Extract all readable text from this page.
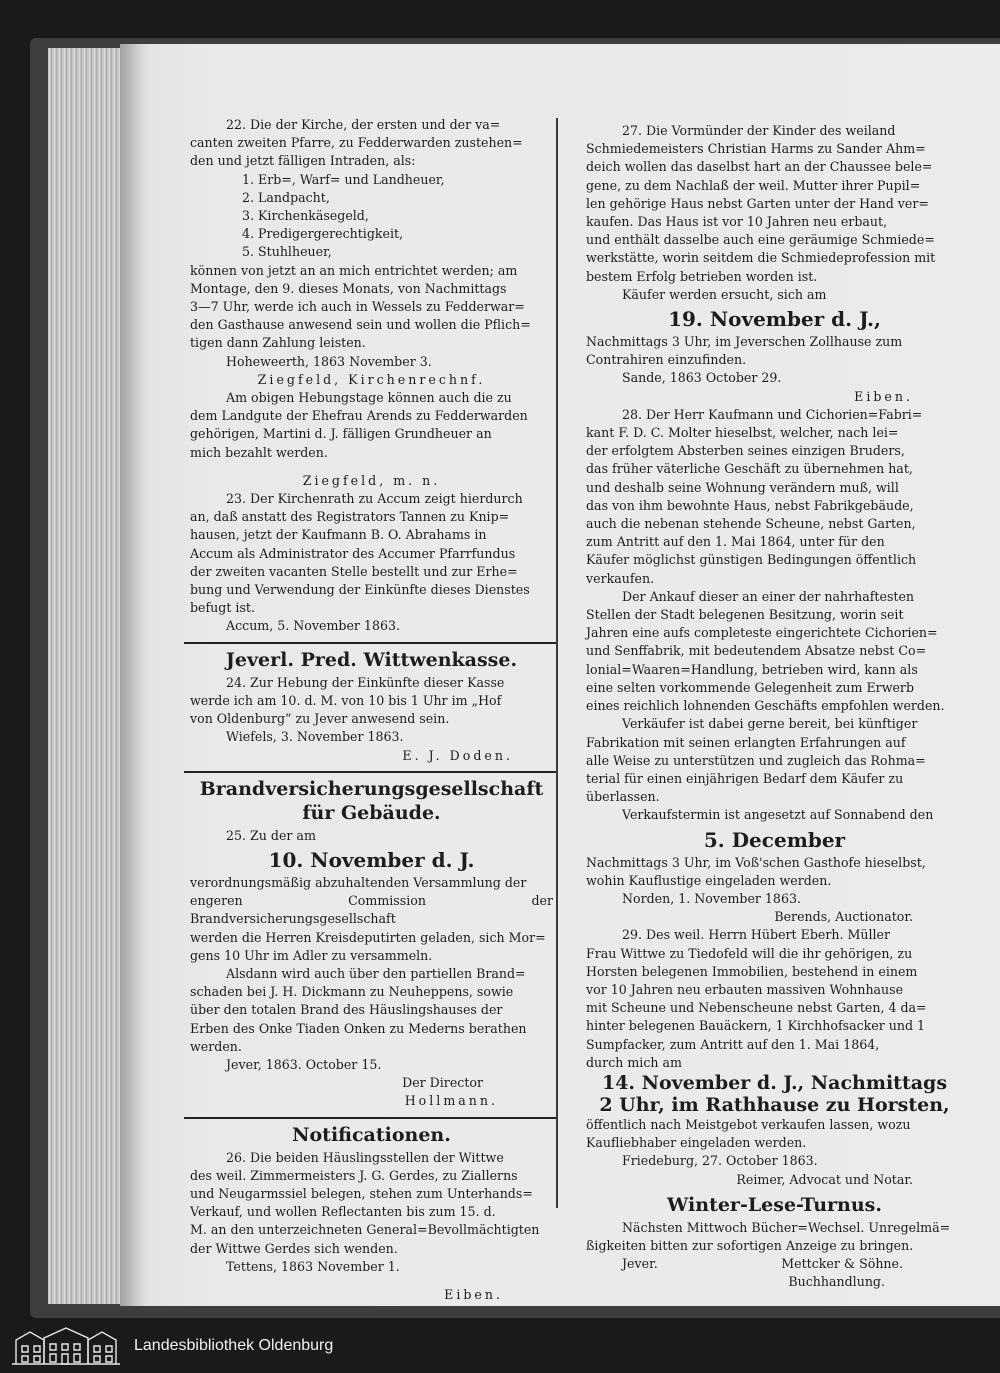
22. Die der Kirche, der ersten und der va=
canten zweiten Pfarre, zu Fedderwarden zustehen=
den und jetzt fälligen Intraden, als:
1. Erb=, Warf= und Landheuer,
2. Landpacht,
3. Kirchenkäsegeld,
4. Predigergerechtigkeit,
5. Stuhlheuer,
können von jetzt an an mich entrichtet werden; am
Montage, den 9. dieses Monats, von Nachmittags
3—7 Uhr, werde ich auch in Wessels zu Fedderwar=
den Gasthause anwesend sein und wollen die Pflich=
tigen dann Zahlung leisten.

Hoheweerth, 1863 November 3.

Ziegfeld, Kirchenrechnf.

Am obigen Hebungstage können auch die zu
dem Landgute der Ehefrau Arends zu Fedderwarden
gehörigen, Martini d. J. fälligen Grundheuer an
mich bezahlt werden.

Ziegfeld, m. n.

23. Der Kirchenrath zu Accum zeigt hierdurch
an, daß anstatt des Registrators Tannen zu Knip=
hausen, jetzt der Kaufmann B. O. Abrahams in
Accum als Administrator des Accumer Pfarrfundus
der zweiten vacanten Stelle bestellt und zur Erhe=
bung und Verwendung der Einkünfte dieses Dienstes
befugt ist.

Accum, 5. November 1863.

Jeverl. Pred. Wittwenkasse.
24. Zur Hebung der Einkünfte dieser Kasse
werde ich am 10. d. M. von 10 bis 1 Uhr im „Hof
von Oldenburg“ zu Jever anwesend sein.

Wiefels, 3. November 1863.

E. J. Doden.

Brandversicherungsgesellschaft für Gebäude.

25. Zu der am

10. November d. J.
verordnungsmäßig abzuhaltenden Versammlung der
engeren Commission der Brandversicherungsgesellschaft
werden die Herren Kreisdeputirten geladen, sich Mor=
gens 10 Uhr im Adler zu versammeln.
Alsdann wird auch über den partiellen Brand=
schaden bei J. H. Dickmann zu Neuheppens, sowie
über den totalen Brand des Häuslingshauses der
Erben des Onke Tiaden Onken zu Mederns berathen
werden.

Jever, 1863. October 15.

Der Director

Hollmann.

Notificationen.
26. Die beiden Häuslingsstellen der Wittwe
des weil. Zimmermeisters J. G. Gerdes, zu Ziallerns
und Neugarmssiel belegen, stehen zum Unterhands=
Verkauf, und wollen Reflectanten bis zum 15. d.
M. an den unterzeichneten General=Bevollmächtigten
der Wittwe Gerdes sich wenden.

Tettens, 1863 November 1.

Eiben.

27. Die Vormünder der Kinder des weiland
Schmiedemeisters Christian Harms zu Sander Ahm=
deich wollen das daselbst hart an der Chaussee bele=
gene, zu dem Nachlaß der weil. Mutter ihrer Pupil=
len gehörige Haus nebst Garten unter der Hand ver=
kaufen. Das Haus ist vor 10 Jahren neu erbaut,
und enthält dasselbe auch eine geräumige Schmiede=
werkstätte, worin seitdem die Schmiedeprofession mit
bestem Erfolg betrieben worden ist.

Käufer werden ersucht, sich am

19. November d. J.,
Nachmittags 3 Uhr, im Jeverschen Zollhause zum
Contrahiren einzufinden.

Sande, 1863 October 29.

Eiben.

28. Der Herr Kaufmann und Cichorien=Fabri=
kant F. D. C. Molter hieselbst, welcher, nach lei=
der erfolgtem Absterben seines einzigen Bruders,
das früher väterliche Geschäft zu übernehmen hat,
und deshalb seine Wohnung verändern muß, will
das von ihm bewohnte Haus, nebst Fabrikgebäude,
auch die nebenan stehende Scheune, nebst Garten,
zum Antritt auf den 1. Mai 1864, unter für den
Käufer möglichst günstigen Bedingungen öffentlich
verkaufen.
Der Ankauf dieser an einer der nahrhaftesten
Stellen der Stadt belegenen Besitzung, worin seit
Jahren eine aufs completeste eingerichtete Cichorien=
und Senffabrik, mit bedeutendem Absatze nebst Co=
lonial=Waaren=Handlung, betrieben wird, kann als
eine selten vorkommende Gelegenheit zum Erwerb
eines reichlich lohnenden Geschäfts empfohlen werden.
Verkäufer ist dabei gerne bereit, bei künftiger
Fabrikation mit seinen erlangten Erfahrungen auf
alle Weise zu unterstützen und zugleich das Rohma=
terial für einen einjährigen Bedarf dem Käufer zu
überlassen.

Verkaufstermin ist angesetzt auf Sonnabend den

5. December
Nachmittags 3 Uhr, im Voß'schen Gasthofe hieselbst,
wohin Kauflustige eingeladen werden.

Norden, 1. November 1863.

Berends, Auctionator.

29. Des weil. Herrn Hübert Eberh. Müller
Frau Wittwe zu Tiedofeld will die ihr gehörigen, zu
Horsten belegenen Immobilien, bestehend in einem
vor 10 Jahren neu erbauten massiven Wohnhause
mit Scheune und Nebenscheune nebst Garten, 4 da=
hinter belegenen Bauäckern, 1 Kirchhofsacker und 1
Sumpfacker, zum Antritt auf den 1. Mai 1864,
durch mich am
14. November d. J., Nachmittags
2 Uhr, im Rathhause zu Horsten,
öffentlich nach Meistgebot verkaufen lassen, wozu
Kaufliebhaber eingeladen werden.

Friedeburg, 27. October 1863.

Reimer, Advocat und Notar.

Winter-Lese-Turnus.
Nächsten Mittwoch Bücher=Wechsel. Unregelmä=
ßigkeiten bitten zur sofortigen Anzeige zu bringen.
Jever.	Mettcker & Söhne.

Buchhandlung.

Landesbibliothek Oldenburg
